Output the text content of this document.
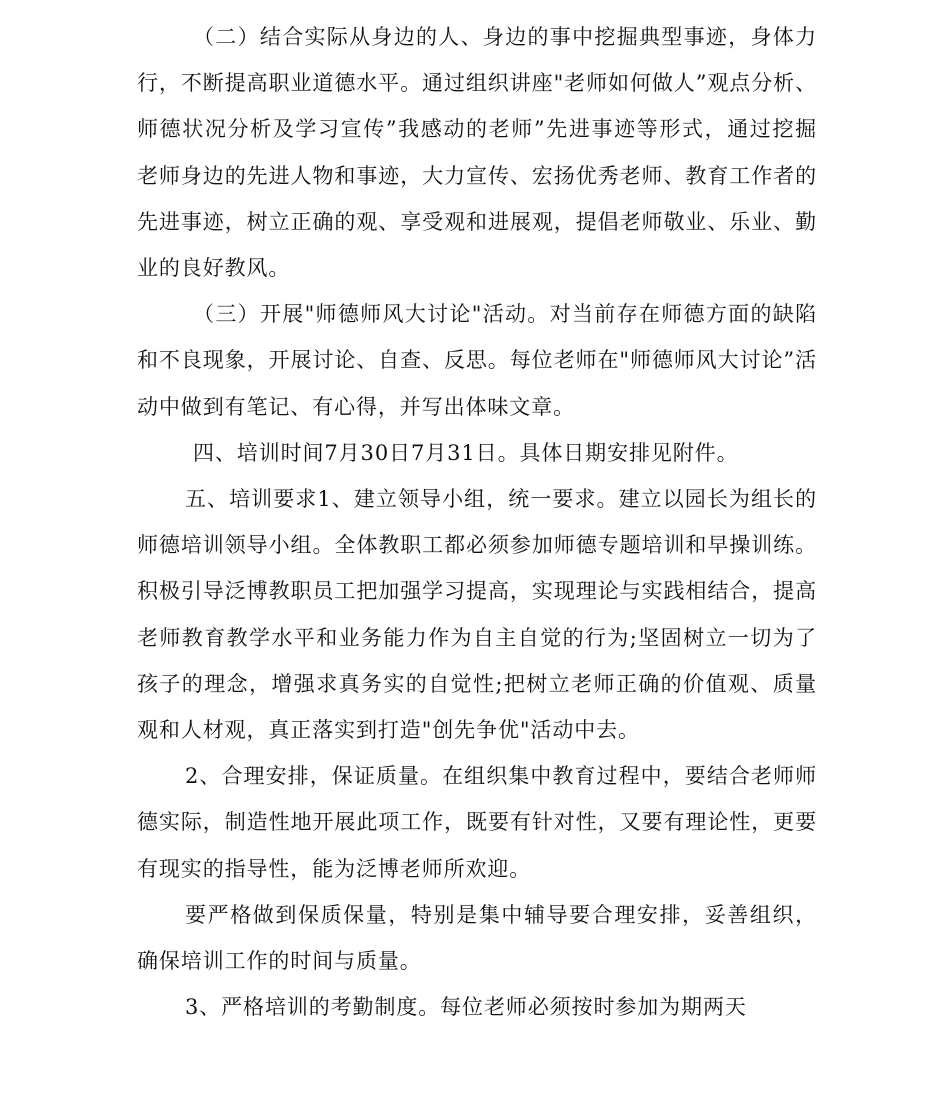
（二）结合实际从身边的人、身边的事中挖掘典型事迹，身体力行，不断提高职业道德水平。通过组织讲座"老师如何做人”观点分析、师德状况分析及学习宣传”我感动的老师”先进事迹等形式，通过挖掘老师身边的先进人物和事迹，大力宣传、宏扬优秀老师、教育工作者的先进事迹，树立正确的观、享受观和进展观，提倡老师敬业、乐业、勤业的良好教风。

（三）开展"师德师风大讨论"活动。对当前存在师德方面的缺陷和不良现象，开展讨论、自查、反思。每位老师在"师德师风大讨论”活动中做到有笔记、有心得，并写出体味文章。

四、培训时间7月30日7月31日。具体日期安排见附件。

五、培训要求1、建立领导小组，统一要求。建立以园长为组长的师德培训领导小组。全体教职工都必须参加师德专题培训和早操训练。积极引导泛博教职员工把加强学习提高，实现理论与实践相结合，提高老师教育教学水平和业务能力作为自主自觉的行为;坚固树立一切为了孩子的理念，增强求真务实的自觉性;把树立老师正确的价值观、质量观和人材观，真正落实到打造"创先争优"活动中去。

2、合理安排，保证质量。在组织集中教育过程中，要结合老师师德实际，制造性地开展此项工作，既要有针对性，又要有理论性，更要有现实的指导性，能为泛博老师所欢迎。

要严格做到保质保量，特别是集中辅导要合理安排，妥善组织，确保培训工作的时间与质量。

3、严格培训的考勤制度。每位老师必须按时参加为期两天
